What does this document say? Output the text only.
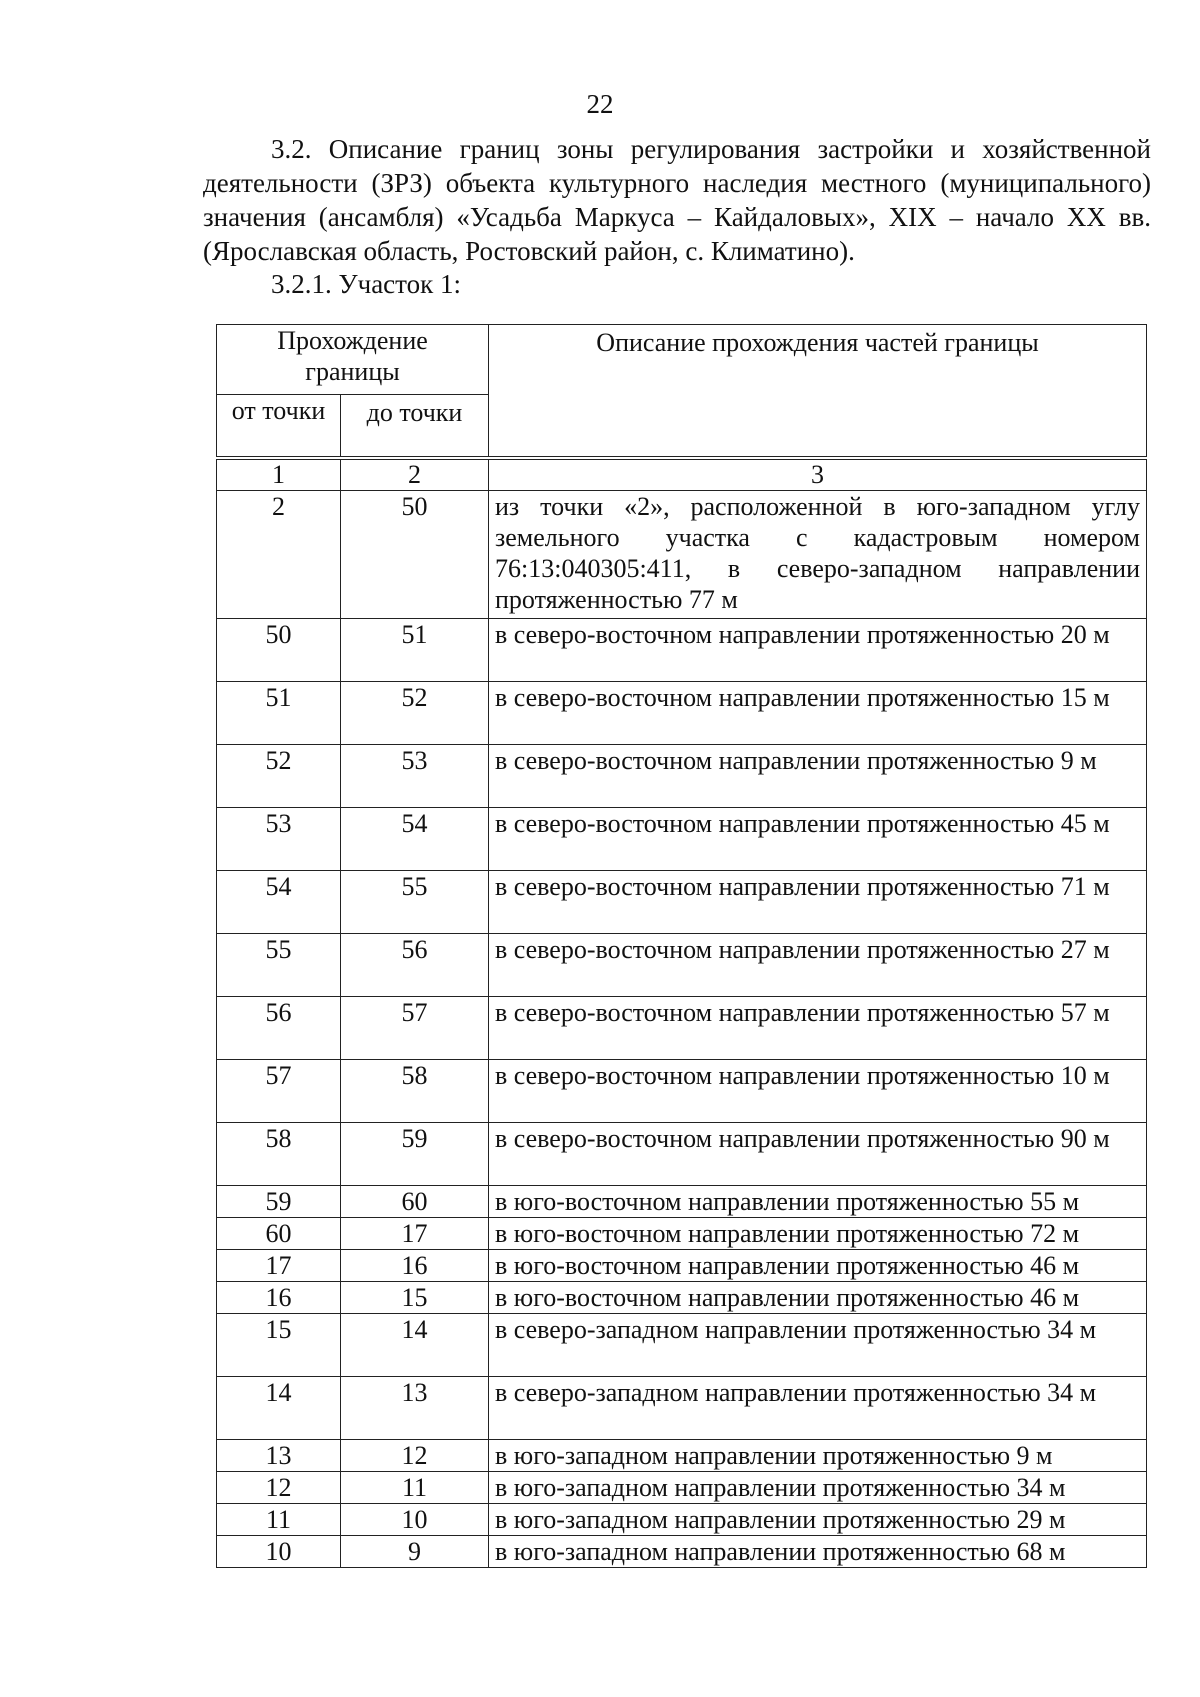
22

3.2. Описание границ зоны регулирования застройки и хозяйственной деятельности (ЗРЗ) объекта культурного наследия местного (муниципального) значения (ансамбля) «Усадьба Маркуса – Кайдаловых», XIX – начало XX вв. (Ярославская область, Ростовский район, с. Климатино).

3.2.1. Участок 1:
Прохождение границы		Описание прохождения частей границы
от точки	до точки	
1	2	3
2	50	из точки «2», расположенной в юго-западном углу земельного участка с кадастровым номером 76:13:040305:411, в северо-западном направлении протяженностью 77 м
50	51	в северо-восточном направлении протяженностью 20 м
51	52	в северо-восточном направлении протяженностью 15 м
52	53	в северо-восточном направлении протяженностью 9 м
53	54	в северо-восточном направлении протяженностью 45 м
54	55	в северо-восточном направлении протяженностью 71 м
55	56	в северо-восточном направлении протяженностью 27 м
56	57	в северо-восточном направлении протяженностью 57 м
57	58	в северо-восточном направлении протяженностью 10 м
58	59	в северо-восточном направлении протяженностью 90 м
59	60	в юго-восточном направлении протяженностью 55 м
60	17	в юго-восточном направлении протяженностью 72 м
17	16	в юго-восточном направлении протяженностью 46 м
16	15	в юго-восточном направлении протяженностью 46 м
15	14	в северо-западном направлении протяженностью 34 м
14	13	в северо-западном направлении протяженностью 34 м
13	12	в юго-западном направлении протяженностью 9 м
12	11	в юго-западном направлении протяженностью 34 м
11	10	в юго-западном направлении протяженностью 29 м
10	9	в юго-западном направлении протяженностью 68 м
